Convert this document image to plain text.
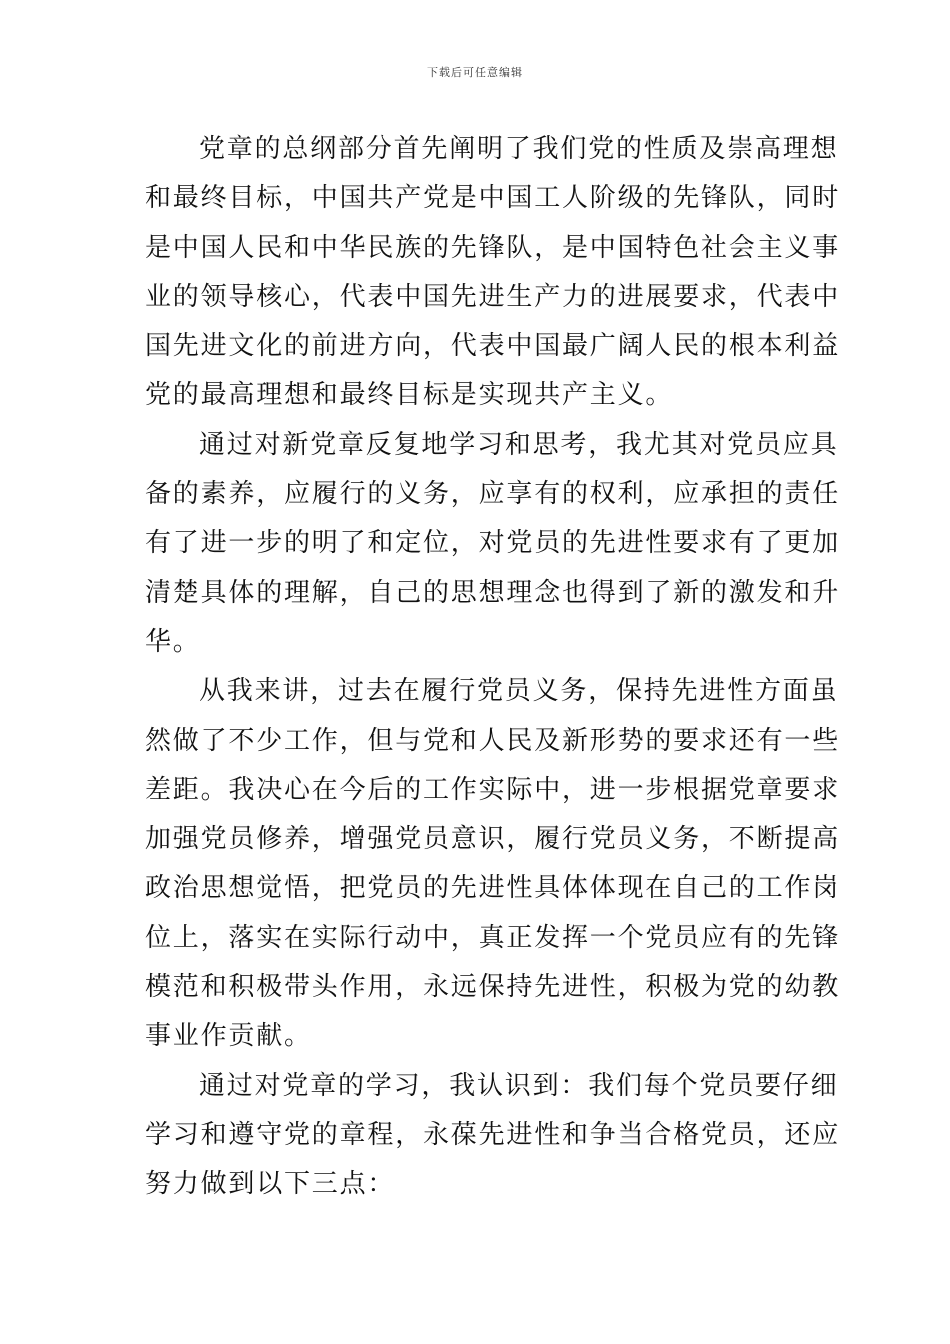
下载后可任意编辑
党章的总纲部分首先阐明了我们党的性质及崇高理想
和最终目标，中国共产党是中国工人阶级的先锋队，同时
是中国人民和中华民族的先锋队，是中国特色社会主义事
业的领导核心，代表中国先进生产力的进展要求，代表中
国先进文化的前进方向，代表中国最广阔人民的根本利益
党的最高理想和最终目标是实现共产主义。
通过对新党章反复地学习和思考，我尤其对党员应具
备的素养，应履行的义务，应享有的权利，应承担的责任
有了进一步的明了和定位，对党员的先进性要求有了更加
清楚具体的理解，自己的思想理念也得到了新的激发和升
华。
从我来讲，过去在履行党员义务，保持先进性方面虽
然做了不少工作，但与党和人民及新形势的要求还有一些
差距。我决心在今后的工作实际中，进一步根据党章要求
加强党员修养，增强党员意识，履行党员义务，不断提高
政治思想觉悟，把党员的先进性具体体现在自己的工作岗
位上，落实在实际行动中，真正发挥一个党员应有的先锋
模范和积极带头作用，永远保持先进性，积极为党的幼教
事业作贡献。
通过对党章的学习，我认识到：我们每个党员要仔细
学习和遵守党的章程，永葆先进性和争当合格党员，还应
努力做到以下三点：
